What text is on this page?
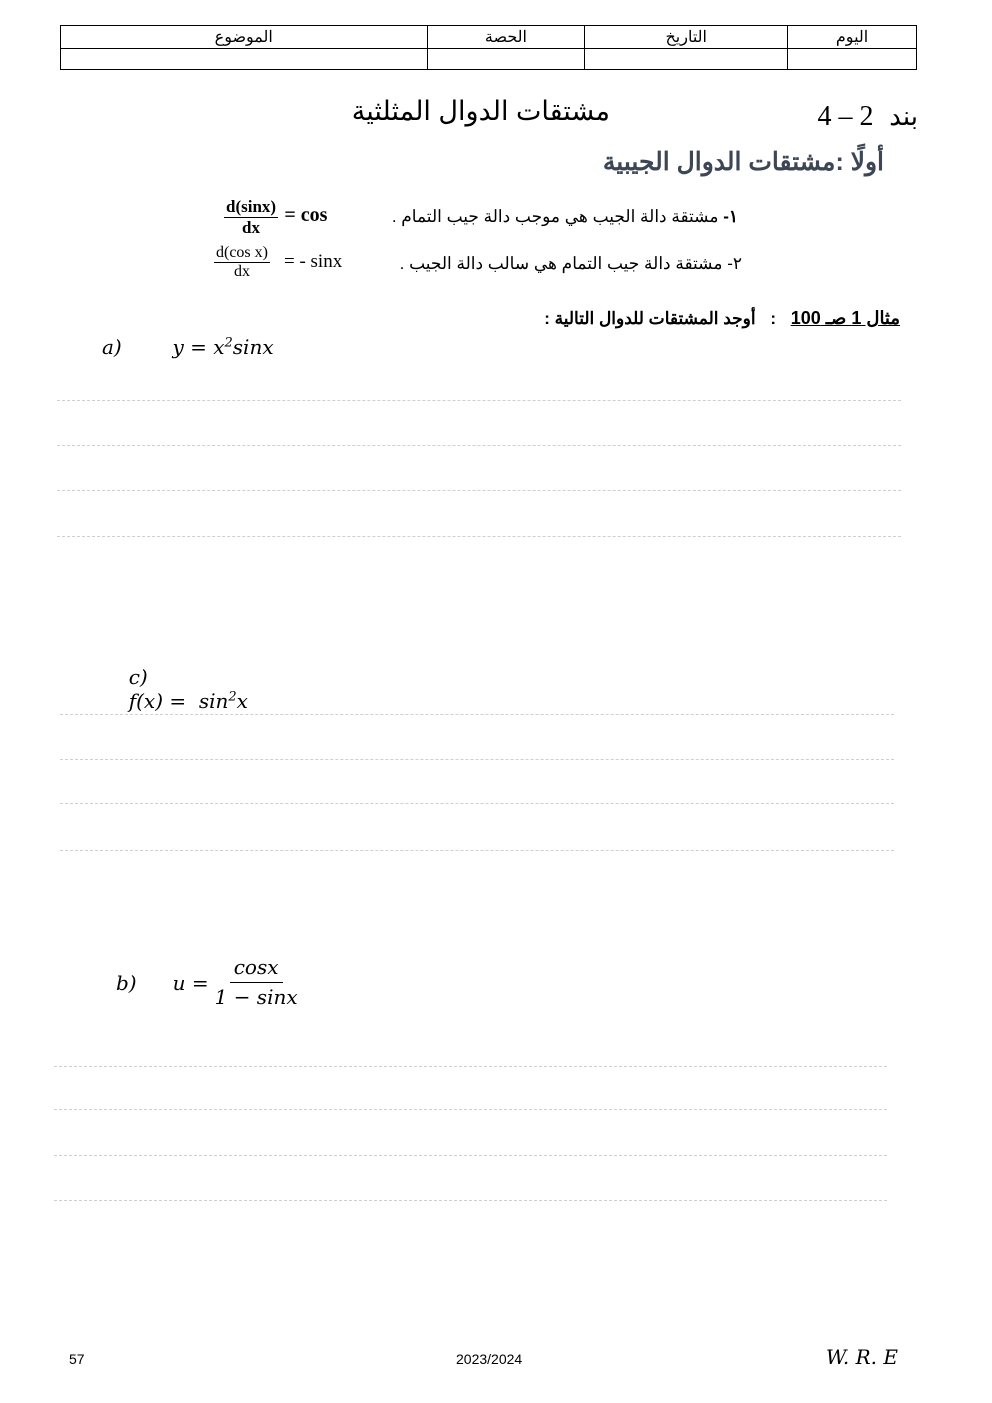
الموضوع	الحصة	التاريخ	اليوم

بند 4 – 2
مشتقات الدوال المثلثية
أولًا :مشتقات الدوال الجيبية
١- مشتقة دالة الجيب هي موجب دالة جيب التمام .
$\frac{d(\sin x)}{dx} = \cos$
٢- مشتقة دالة جيب التمام هي سالب دالة الجيب .
$\frac{\text{d(cos x)}}{dx}$ = - sinx
مثال 1 صـ 100 : أوجد المشتقات للدوال التالية :
a)	$y = x^2\sin x$

c)
$f(x) = \sin^2x$

b) $u = \frac{\cos x}{1 - \sin x}$
57	2023/2024	W. R. E
